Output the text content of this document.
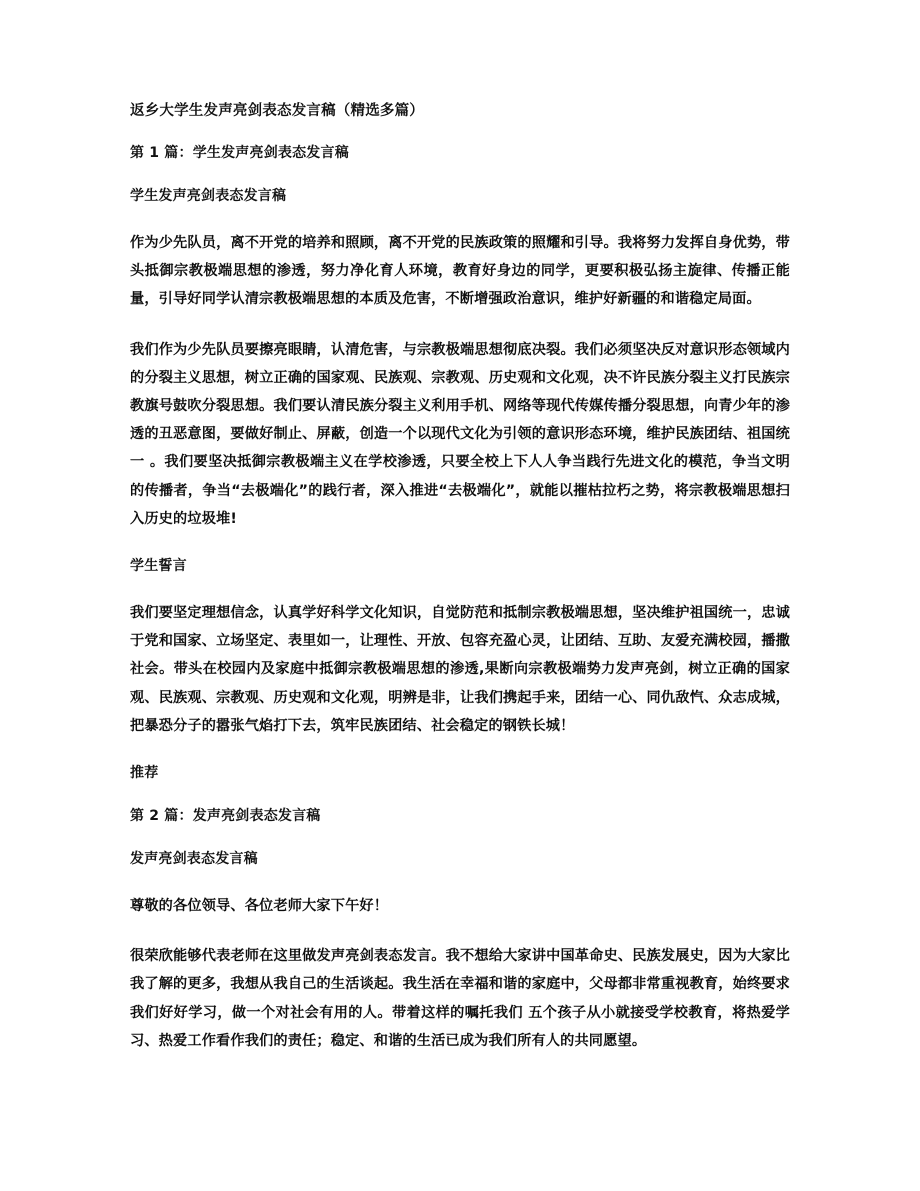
返乡大学生发声亮剑表态发言稿（精选多篇）
第 1 篇：学生发声亮剑表态发言稿
学生发声亮剑表态发言稿

作为少先队员，离不开党的培养和照顾，离不开党的民族政策的照耀和引导。我将努力发挥自身优势，带头抵御宗教极端思想的渗透，努力净化育人环境，教育好身边的同学，更要积极弘扬主旋律、传播正能量，引导好同学认清宗教极端思想的本质及危害，不断增强政治意识，维护好新疆的和谐稳定局面。

我们作为少先队员要擦亮眼睛，认清危害，与宗教极端思想彻底决裂。我们必须坚决反对意识形态领域内的分裂主义思想，树立正确的国家观、民族观、宗教观、历史观和文化观，决不许民族分裂主义打民族宗教旗号鼓吹分裂思想。我们要认清民族分裂主义利用手机、网络等现代传媒传播分裂思想，向青少年的渗透的丑恶意图，要做好制止、屏蔽，创造一个以现代文化为引领的意识形态环境，维护民族团结、祖国统一 。我们要坚决抵御宗教极端主义在学校渗透，只要全校上下人人争当践行先进文化的模范，争当文明的传播者，争当“去极端化”的践行者，深入推进“去极端化”，就能以摧枯拉朽之势，将宗教极端思想扫入历史的垃圾堆!

学生誓言

我们要坚定理想信念，认真学好科学文化知识，自觉防范和抵制宗教极端思想，坚决维护祖国统一，忠诚于党和国家、立场坚定、表里如一，让理性、开放、包容充盈心灵，让团结、互助、友爱充满校园，播撒社会。带头在校园内及家庭中抵御宗教极端思想的渗透,果断向宗教极端势力发声亮剑，树立正确的国家观、民族观、宗教观、历史观和文化观，明辨是非，让我们携起手来，团结一心、同仇敌忾、众志成城，把暴恐分子的嚣张气焰打下去，筑牢民族团结、社会稳定的钢铁长城！

推荐
第 2 篇：发声亮剑表态发言稿
发声亮剑表态发言稿

尊敬的各位领导、各位老师大家下午好！

很荣欣能够代表老师在这里做发声亮剑表态发言。我不想给大家讲中国革命史、民族发展史，因为大家比我了解的更多，我想从我自己的生活谈起。我生活在幸福和谐的家庭中，父母都非常重视教育，始终要求我们好好学习，做一个对社会有用的人。带着这样的嘱托我们 五个孩子从小就接受学校教育，将热爱学习、热爱工作看作我们的责任；稳定、和谐的生活已成为我们所有人的共同愿望。
